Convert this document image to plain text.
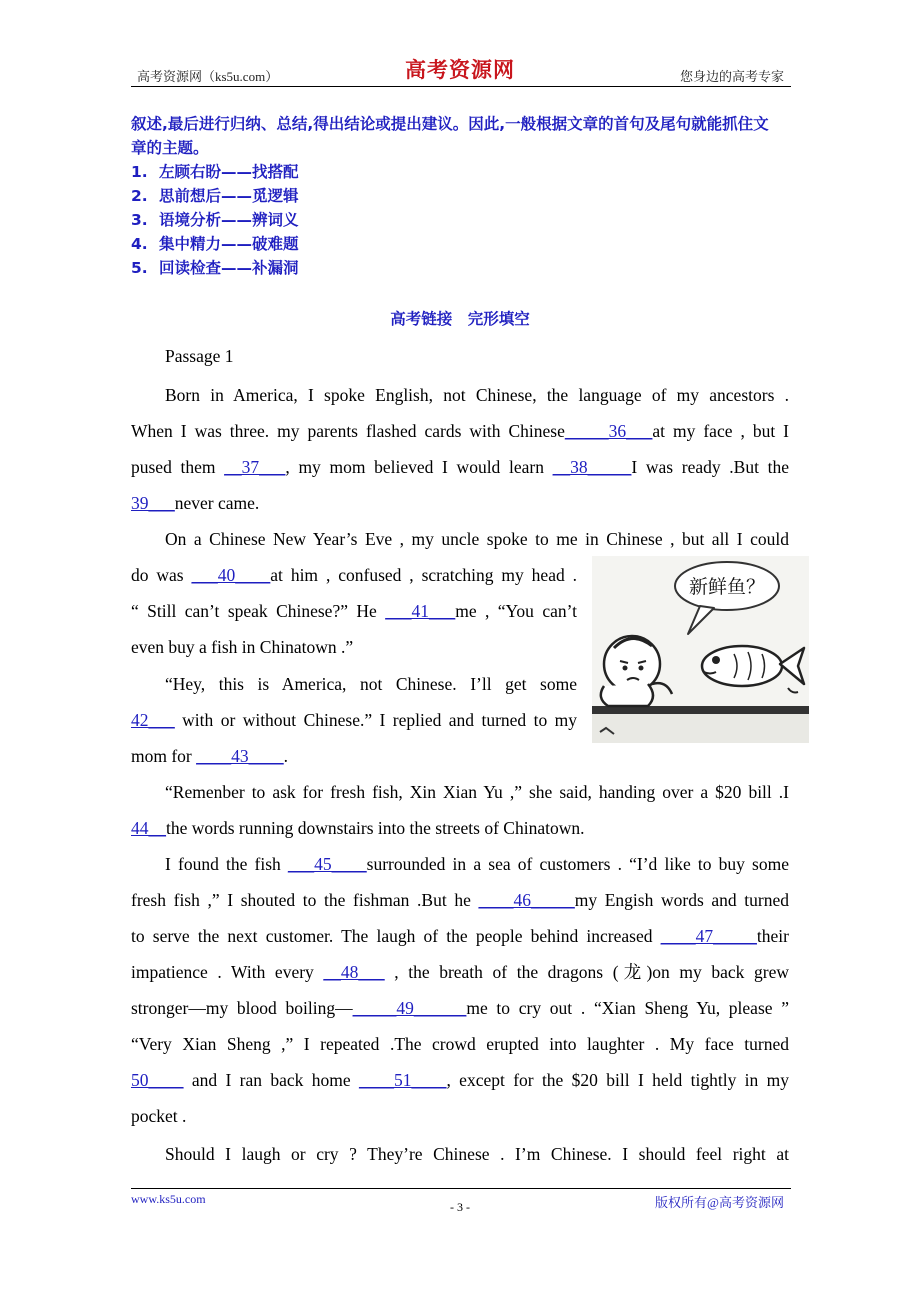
高考资源网（ks5u.com）	高考资源网	您身边的高考专家
叙述,最后进行归纳、总结,得出结论或提出建议。因此,一般根据文章的首句及尾句就能抓住文
章的主题。
1. 左顾右盼——找搭配
2. 思前想后——觅逻辑
3. 语境分析——辨词义
4. 集中精力——破难题
5. 回读检查——补漏洞
高考链接　完形填空
Passage 1
Born in America, I spoke English, not Chinese, the language of my ancestors .
When I was three. my parents flashed cards with Chinese_____36___at my face , but I
pused them __37___, my mom believed I would learn __38_____I was ready .But the
39___never came.
On a Chinese New Year’s Eve , my uncle spoke to me in Chinese , but all I could
do was ___40____at him , confused , scratching my head .
“ Still can’t speak Chinese?” He ___41___me , “You can’t
even buy a fish in Chinatown .”
“Hey, this is America, not Chinese. I’ll get some
42___ with or without Chinese.” I replied and turned to my
mom for ____43____.
新鲜鱼？
“Remenber to ask for fresh fish, Xin Xian Yu ,” she said, handing over a $20 bill .I
44__the words running downstairs into the streets of Chinatown.
I found the fish ___45____surrounded in a sea of customers . “I’d like to buy some
fresh fish ,” I shouted to the fishman .But he ____46_____my Engish words and turned
to serve the next customer. The laugh of the people behind increased ____47_____their
impatience . With every __48___ , the breath of the dragons (龙)on my back grew
stronger—my blood boiling—_____49______me to cry out . “Xian Sheng Yu, please ”
“Very Xian Sheng ,” I repeated .The crowd erupted into laughter . My face turned
50____ and I ran back home ____51____, except for the $20 bill I held tightly in my
pocket .
Should I laugh or cry ? They’re Chinese . I’m Chinese. I should feel right at
www.ks5u.com
- 3 -	版权所有@高考资源网
